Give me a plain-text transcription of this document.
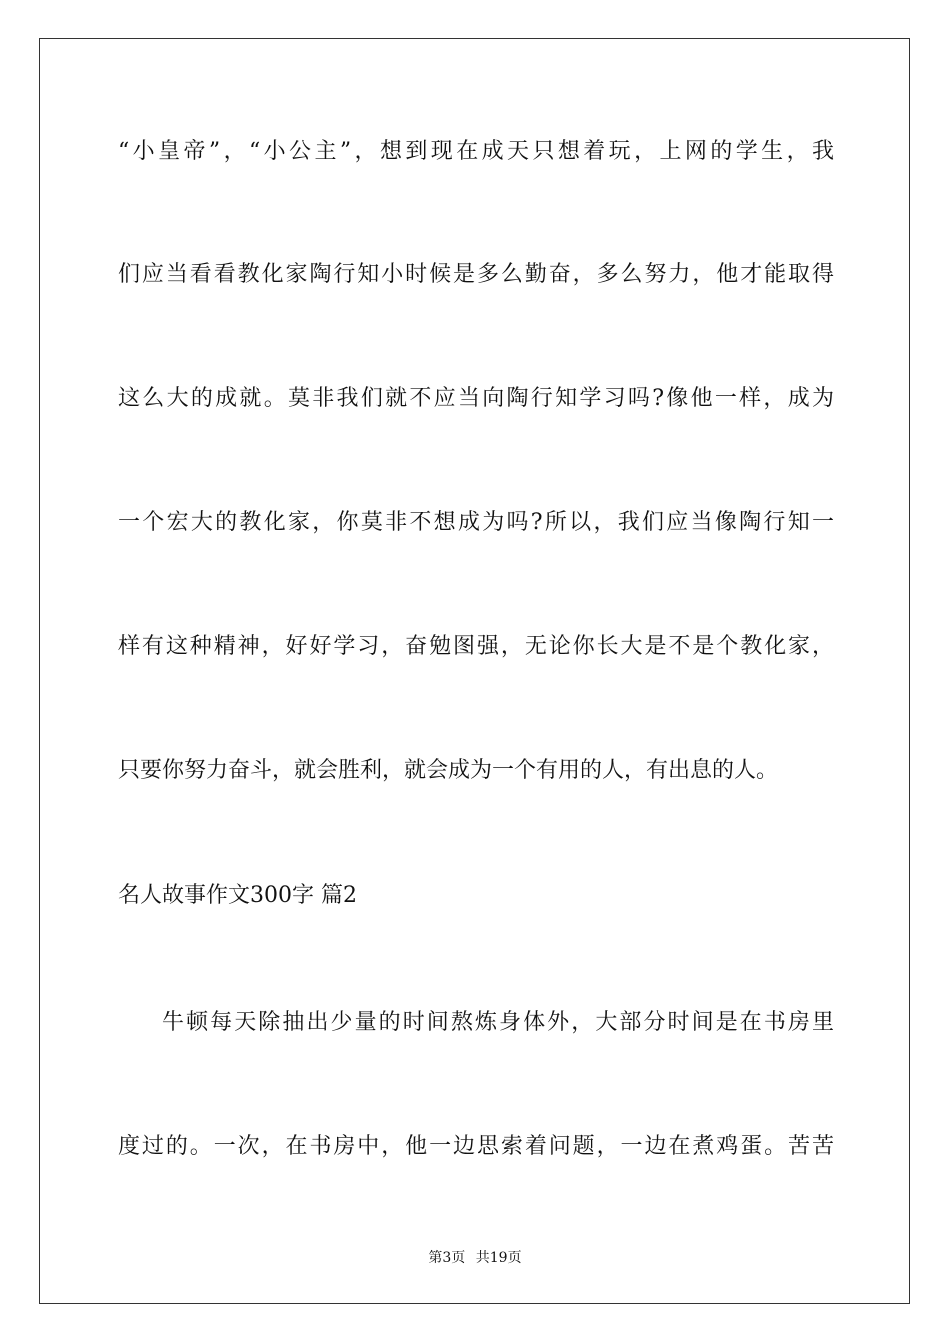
“小皇帝”，“小公主”，想到现在成天只想着玩，上网的学生，我
们应当看看教化家陶行知小时候是多么勤奋，多么努力，他才能取得
这么大的成就。莫非我们就不应当向陶行知学习吗?像他一样，成为
一个宏大的教化家，你莫非不想成为吗?所以，我们应当像陶行知一
样有这种精神，好好学习，奋勉图强，无论你长大是不是个教化家，
只要你努力奋斗，就会胜利，就会成为一个有用的人，有出息的人。
名人故事作文300字 篇2
牛顿每天除抽出少量的时间熬炼身体外，大部分时间是在书房里
度过的。一次，在书房中，他一边思索着问题，一边在煮鸡蛋。苦苦
第3页 共19页
